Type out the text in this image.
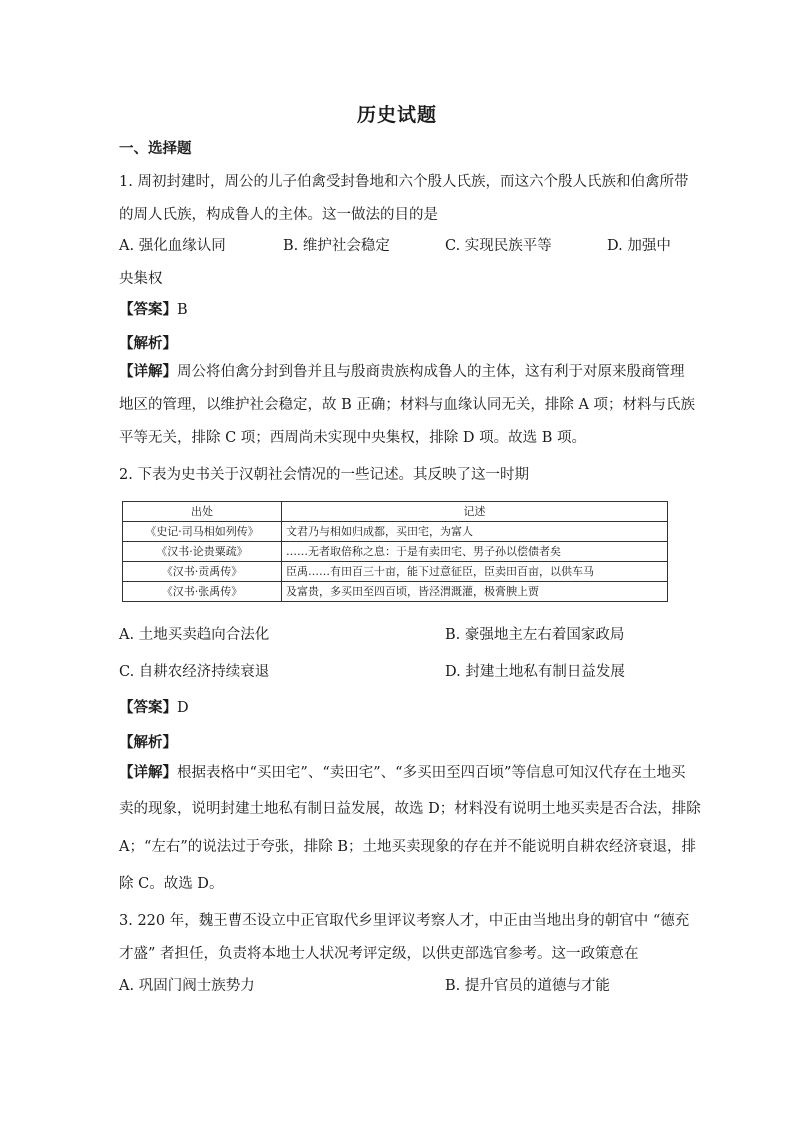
历史试题
一、选择题
1. 周初封建时，周公的儿子伯禽受封鲁地和六个殷人氏族，而这六个殷人氏族和伯禽所带
的周人氏族，构成鲁人的主体。这一做法的目的是
A. 强化血缘认同	B. 维护社会稳定	C. 实现民族平等	D. 加强中
央集权
【答案】B
【解析】
【详解】周公将伯禽分封到鲁并且与殷商贵族构成鲁人的主体，这有利于对原来殷商管理
地区的管理，以维护社会稳定，故 B 正确；材料与血缘认同无关，排除 A 项；材料与氏族
平等无关，排除 C 项；西周尚未实现中央集权，排除 D 项。故选 B 项。
2. 下表为史书关于汉朝社会情况的一些记述。其反映了这一时期
出处	记述
《史记·司马相如列传》	文君乃与相如归成都，买田宅，为富人
《汉书·论贵粟疏》	……无者取倍称之息：于是有卖田宅、男子孙以偿债者矣
《汉书·贡禹传》	臣禹……有田百三十亩，能下过意征臣，臣卖田百亩，以供车马
《汉书·张禹传》	及富贵，多买田至四百顷，皆泾渭溉灌，极膏腴上贾
A. 土地买卖趋向合法化	B. 豪强地主左右着国家政局
C. 自耕农经济持续衰退	D. 封建土地私有制日益发展
【答案】D
【解析】
【详解】根据表格中“买田宅”、“卖田宅”、“多买田至四百顷”等信息可知汉代存在土地买
卖的现象，说明封建土地私有制日益发展，故选 D；材料没有说明土地买卖是否合法，排除
A；“左右”的说法过于夸张，排除 B；土地买卖现象的存在并不能说明自耕农经济衰退，排
除 C。故选 D。
3. 220 年，魏王曹丕设立中正官取代乡里评议考察人才，中正由当地出身的朝官中 “德充
才盛” 者担任，负责将本地士人状况考评定级，以供吏部选官参考。这一政策意在
A. 巩固门阀士族势力	B. 提升官员的道德与才能
